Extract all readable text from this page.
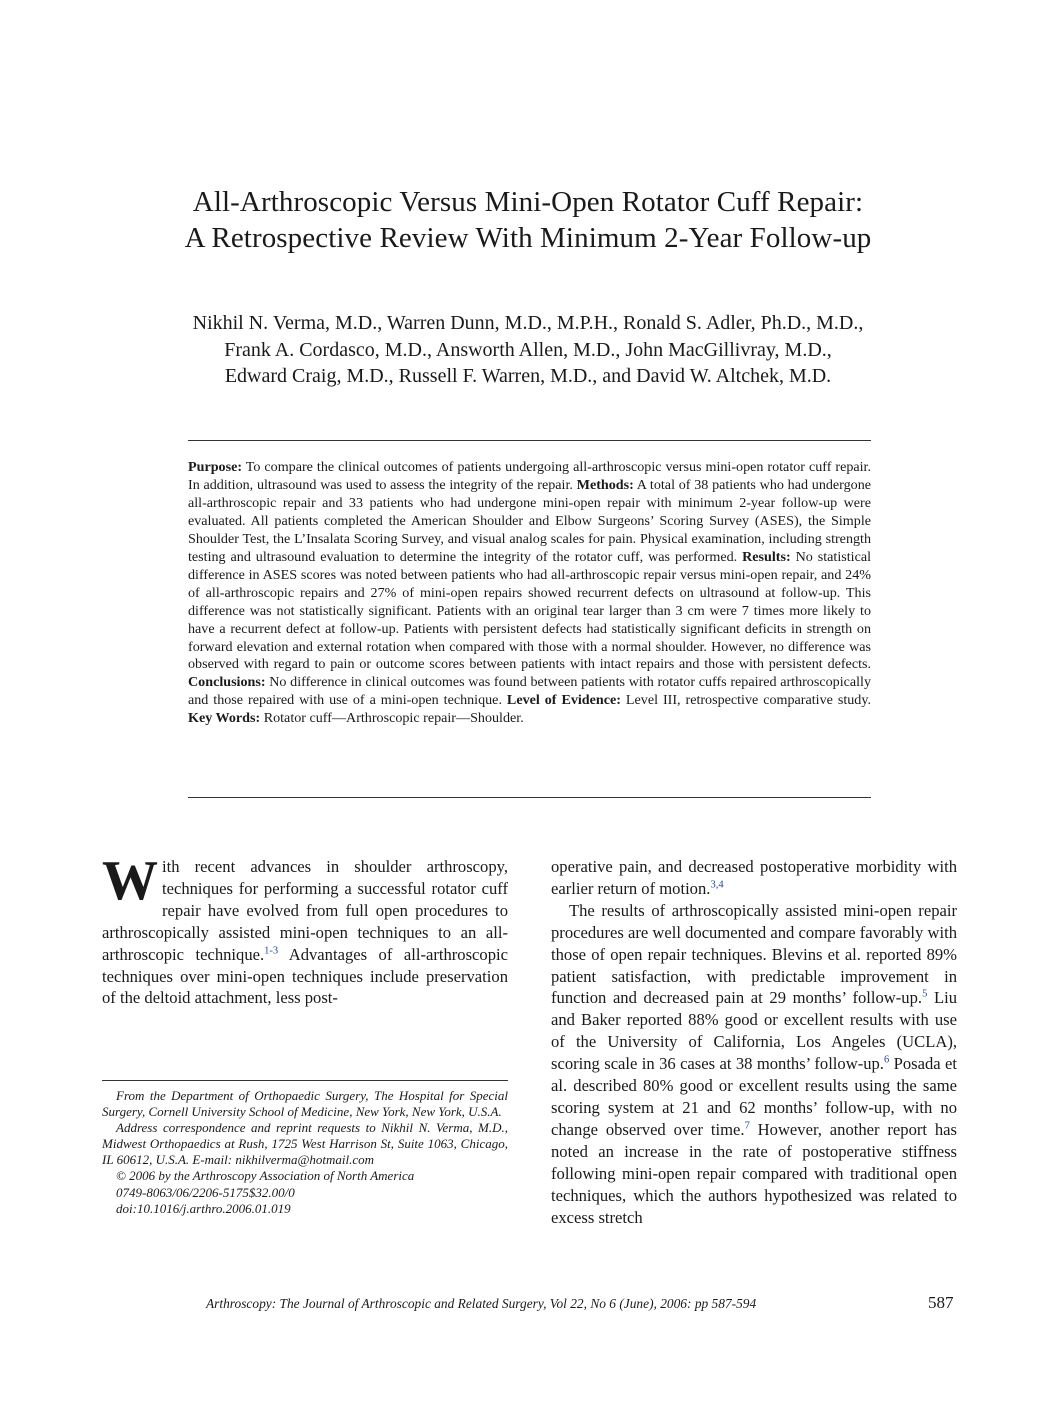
All-Arthroscopic Versus Mini-Open Rotator Cuff Repair:
A Retrospective Review With Minimum 2-Year Follow-up
Nikhil N. Verma, M.D., Warren Dunn, M.D., M.P.H., Ronald S. Adler, Ph.D., M.D.,
Frank A. Cordasco, M.D., Answorth Allen, M.D., John MacGillivray, M.D.,
Edward Craig, M.D., Russell F. Warren, M.D., and David W. Altchek, M.D.
Purpose: To compare the clinical outcomes of patients undergoing all-arthroscopic versus mini-open rotator cuff repair. In addition, ultrasound was used to assess the integrity of the repair. Methods: A total of 38 patients who had undergone all-arthroscopic repair and 33 patients who had undergone mini-open repair with minimum 2-year follow-up were evaluated. All patients completed the American Shoulder and Elbow Surgeons’ Scoring Survey (ASES), the Simple Shoulder Test, the L’Insalata Scoring Survey, and visual analog scales for pain. Physical examination, including strength testing and ultrasound evaluation to determine the integrity of the rotator cuff, was performed. Results: No statistical difference in ASES scores was noted between patients who had all-arthroscopic repair versus mini-open repair, and 24% of all-arthroscopic repairs and 27% of mini-open repairs showed recurrent defects on ultrasound at follow-up. This difference was not statistically significant. Patients with an original tear larger than 3 cm were 7 times more likely to have a recurrent defect at follow-up. Patients with persistent defects had statistically significant deficits in strength on forward elevation and external rotation when compared with those with a normal shoulder. However, no difference was observed with regard to pain or outcome scores between patients with intact repairs and those with persistent defects. Conclusions: No difference in clinical outcomes was found between patients with rotator cuffs repaired arthroscopically and those repaired with use of a mini-open technique. Level of Evidence: Level III, retrospective comparative study. Key Words: Rotator cuff—Arthroscopic repair—Shoulder.

With recent advances in shoulder arthroscopy, techniques for performing a successful rotator cuff repair have evolved from full open procedures to arthroscopically assisted mini-open techniques to an all-arthroscopic technique.$^{1-3}$ Advantages of all-arthroscopic techniques over mini-open techniques include preservation of the deltoid attachment, less post-

operative pain, and decreased postoperative morbidity with earlier return of motion.$^{3,4}$

The results of arthroscopically assisted mini-open repair procedures are well documented and compare favorably with those of open repair techniques. Blevins et al. reported 89% patient satisfaction, with predictable improvement in function and decreased pain at 29 months’ follow-up.$^5$ Liu and Baker reported 88% good or excellent results with use of the University of California, Los Angeles (UCLA), scoring scale in 36 cases at 38 months’ follow-up.$^6$ Posada et al. described 80% good or excellent results using the same scoring system at 21 and 62 months’ follow-up, with no change observed over time.$^7$ However, another report has noted an increase in the rate of postoperative stiffness following mini-open repair compared with traditional open techniques, which the authors hypothesized was related to excess stretch

From the Department of Orthopaedic Surgery, The Hospital for Special Surgery, Cornell University School of Medicine, New York, New York, U.S.A.

Address correspondence and reprint requests to Nikhil N. Verma, M.D., Midwest Orthopaedics at Rush, 1725 West Harrison St, Suite 1063, Chicago, IL 60612, U.S.A. E-mail: nikhilverma@hotmail.com

© 2006 by the Arthroscopy Association of North America

0749-8063/06/2206-5175$32.00/0

doi:10.1016/j.arthro.2006.01.019

Arthroscopy: The Journal of Arthroscopic and Related Surgery, Vol 22, No 6 (June), 2006: pp 587-594	587
